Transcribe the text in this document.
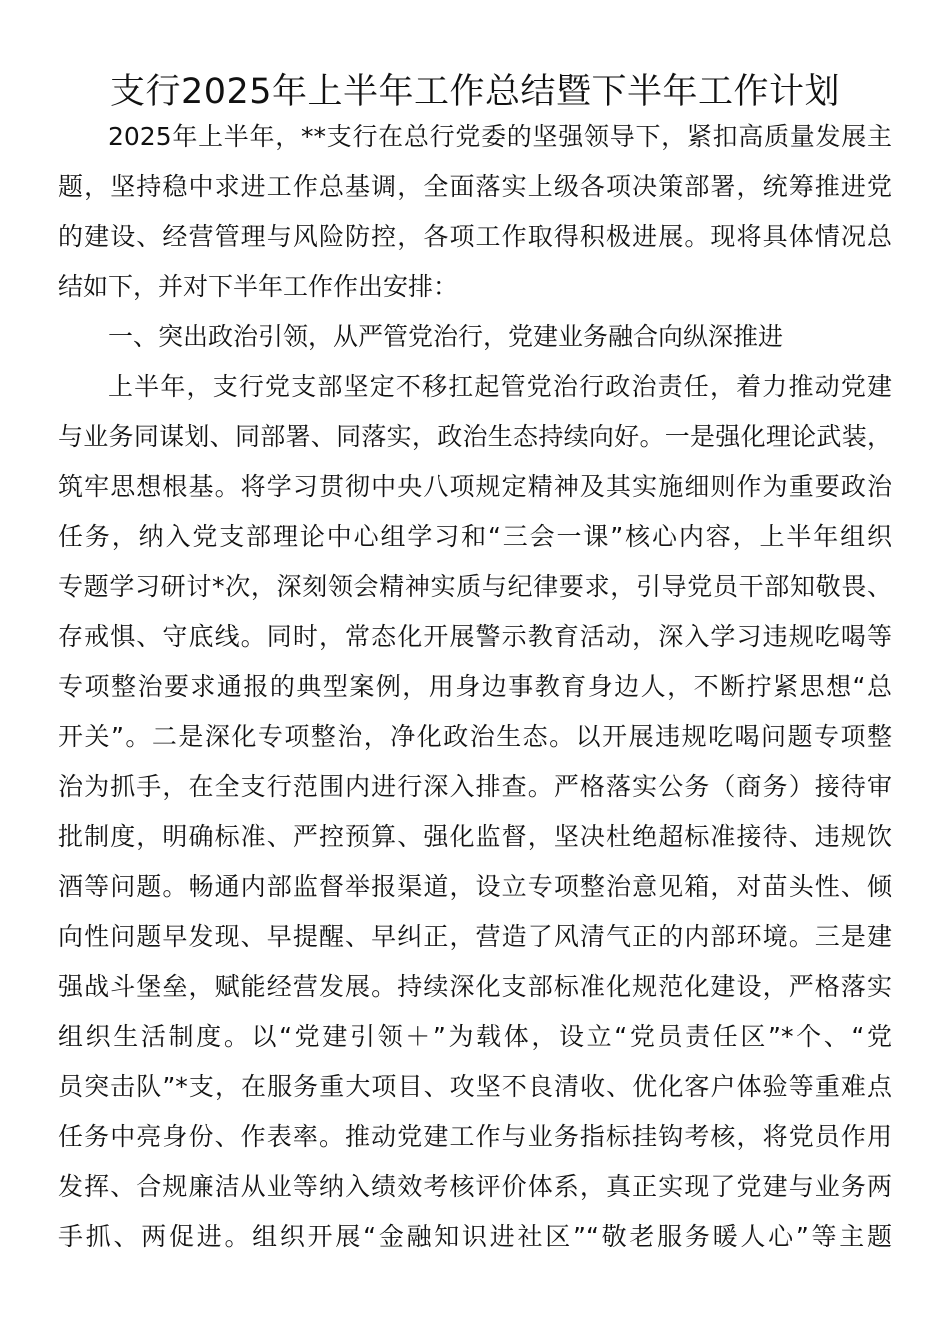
支行2025年上半年工作总结暨下半年工作计划
2025年上半年，**支行在总行党委的坚强领导下，紧扣高质量发展主
题，坚持稳中求进工作总基调，全面落实上级各项决策部署，统筹推进党
的建设、经营管理与风险防控，各项工作取得积极进展。现将具体情况总
结如下，并对下半年工作作出安排：
一、突出政治引领，从严管党治行，党建业务融合向纵深推进
上半年，支行党支部坚定不移扛起管党治行政治责任，着力推动党建
与业务同谋划、同部署、同落实，政治生态持续向好。一是强化理论武装，
筑牢思想根基。将学习贯彻中央八项规定精神及其实施细则作为重要政治
任务，纳入党支部理论中心组学习和“三会一课”核心内容，上半年组织
专题学习研讨*次，深刻领会精神实质与纪律要求，引导党员干部知敬畏、
存戒惧、守底线。同时，常态化开展警示教育活动，深入学习违规吃喝等
专项整治要求通报的典型案例，用身边事教育身边人，不断拧紧思想“总
开关”。二是深化专项整治，净化政治生态。以开展违规吃喝问题专项整
治为抓手，在全支行范围内进行深入排查。严格落实公务（商务）接待审
批制度，明确标准、严控预算、强化监督，坚决杜绝超标准接待、违规饮
酒等问题。畅通内部监督举报渠道，设立专项整治意见箱，对苗头性、倾
向性问题早发现、早提醒、早纠正，营造了风清气正的内部环境。三是建
强战斗堡垒，赋能经营发展。持续深化支部标准化规范化建设，严格落实
组织生活制度。以“党建引领＋”为载体，设立“党员责任区”*个、“党
员突击队”*支，在服务重大项目、攻坚不良清收、优化客户体验等重难点
任务中亮身份、作表率。推动党建工作与业务指标挂钩考核，将党员作用
发挥、合规廉洁从业等纳入绩效考核评价体系，真正实现了党建与业务两
手抓、两促进。组织开展“金融知识进社区”“敬老服务暖人心”等主题
